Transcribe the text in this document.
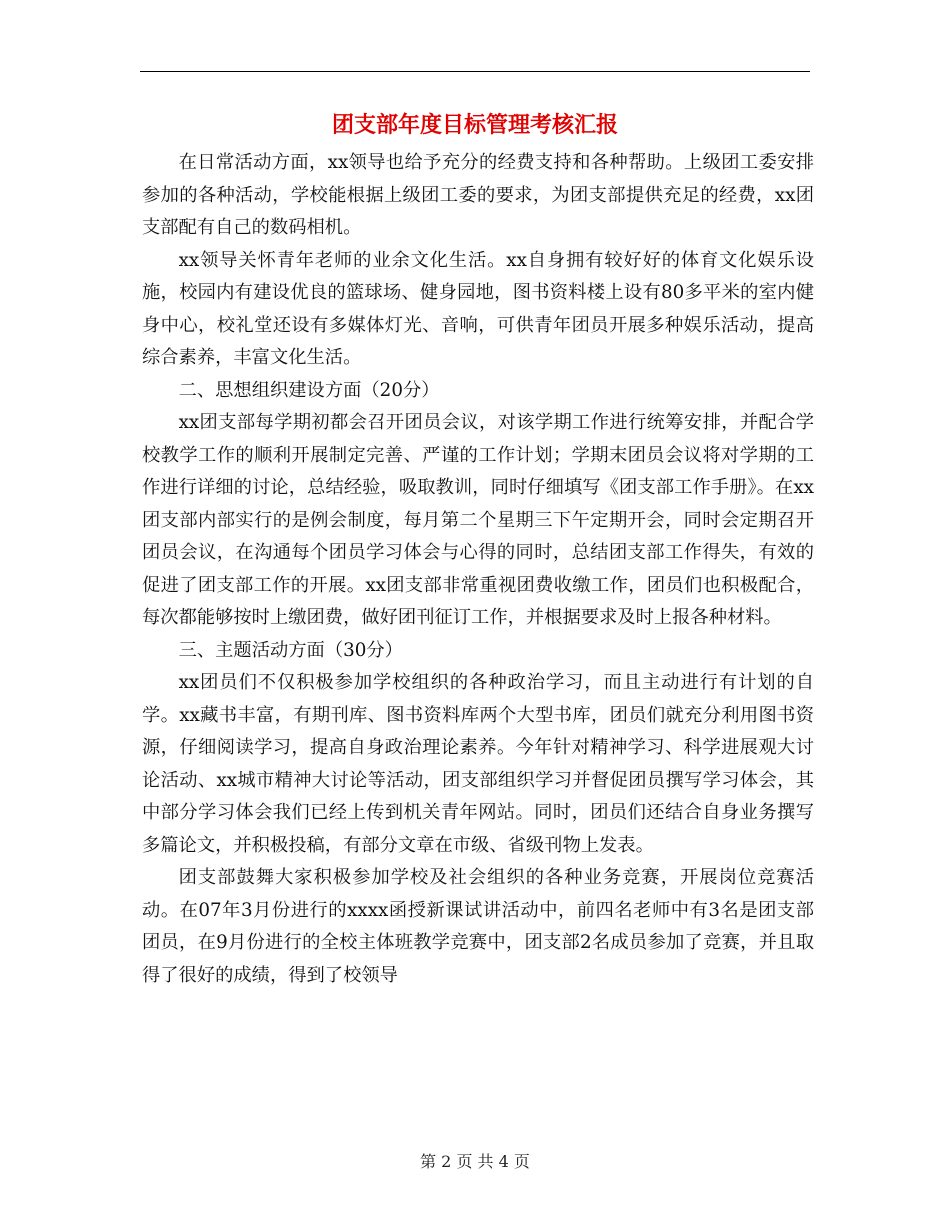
团支部年度目标管理考核汇报

在日常活动方面，xx领导也给予充分的经费支持和各种帮助。上级团工委安排参加的各种活动，学校能根据上级团工委的要求，为团支部提供充足的经费，xx团支部配有自己的数码相机。

xx领导关怀青年老师的业余文化生活。xx自身拥有较好好的体育文化娱乐设施，校园内有建设优良的篮球场、健身园地，图书资料楼上设有80多平米的室内健身中心，校礼堂还设有多媒体灯光、音响，可供青年团员开展多种娱乐活动，提高综合素养，丰富文化生活。

二、思想组织建设方面（20分）

xx团支部每学期初都会召开团员会议，对该学期工作进行统筹安排，并配合学校教学工作的顺利开展制定完善、严谨的工作计划；学期末团员会议将对学期的工作进行详细的讨论，总结经验，吸取教训，同时仔细填写《团支部工作手册》。在xx团支部内部实行的是例会制度，每月第二个星期三下午定期开会，同时会定期召开团员会议，在沟通每个团员学习体会与心得的同时，总结团支部工作得失，有效的促进了团支部工作的开展。xx团支部非常重视团费收缴工作，团员们也积极配合，每次都能够按时上缴团费，做好团刊征订工作，并根据要求及时上报各种材料。

三、主题活动方面（30分）

xx团员们不仅积极参加学校组织的各种政治学习，而且主动进行有计划的自学。xx藏书丰富，有期刊库、图书资料库两个大型书库，团员们就充分利用图书资源，仔细阅读学习，提高自身政治理论素养。今年针对精神学习、科学进展观大讨论活动、xx城市精神大讨论等活动，团支部组织学习并督促团员撰写学习体会，其中部分学习体会我们已经上传到机关青年网站。同时，团员们还结合自身业务撰写多篇论文，并积极投稿，有部分文章在市级、省级刊物上发表。

团支部鼓舞大家积极参加学校及社会组织的各种业务竞赛，开展岗位竞赛活动。在07年3月份进行的xxxx函授新课试讲活动中，前四名老师中有3名是团支部团员，在9月份进行的全校主体班教学竞赛中，团支部2名成员参加了竞赛，并且取得了很好的成绩，得到了校领导

第 2 页 共 4 页
